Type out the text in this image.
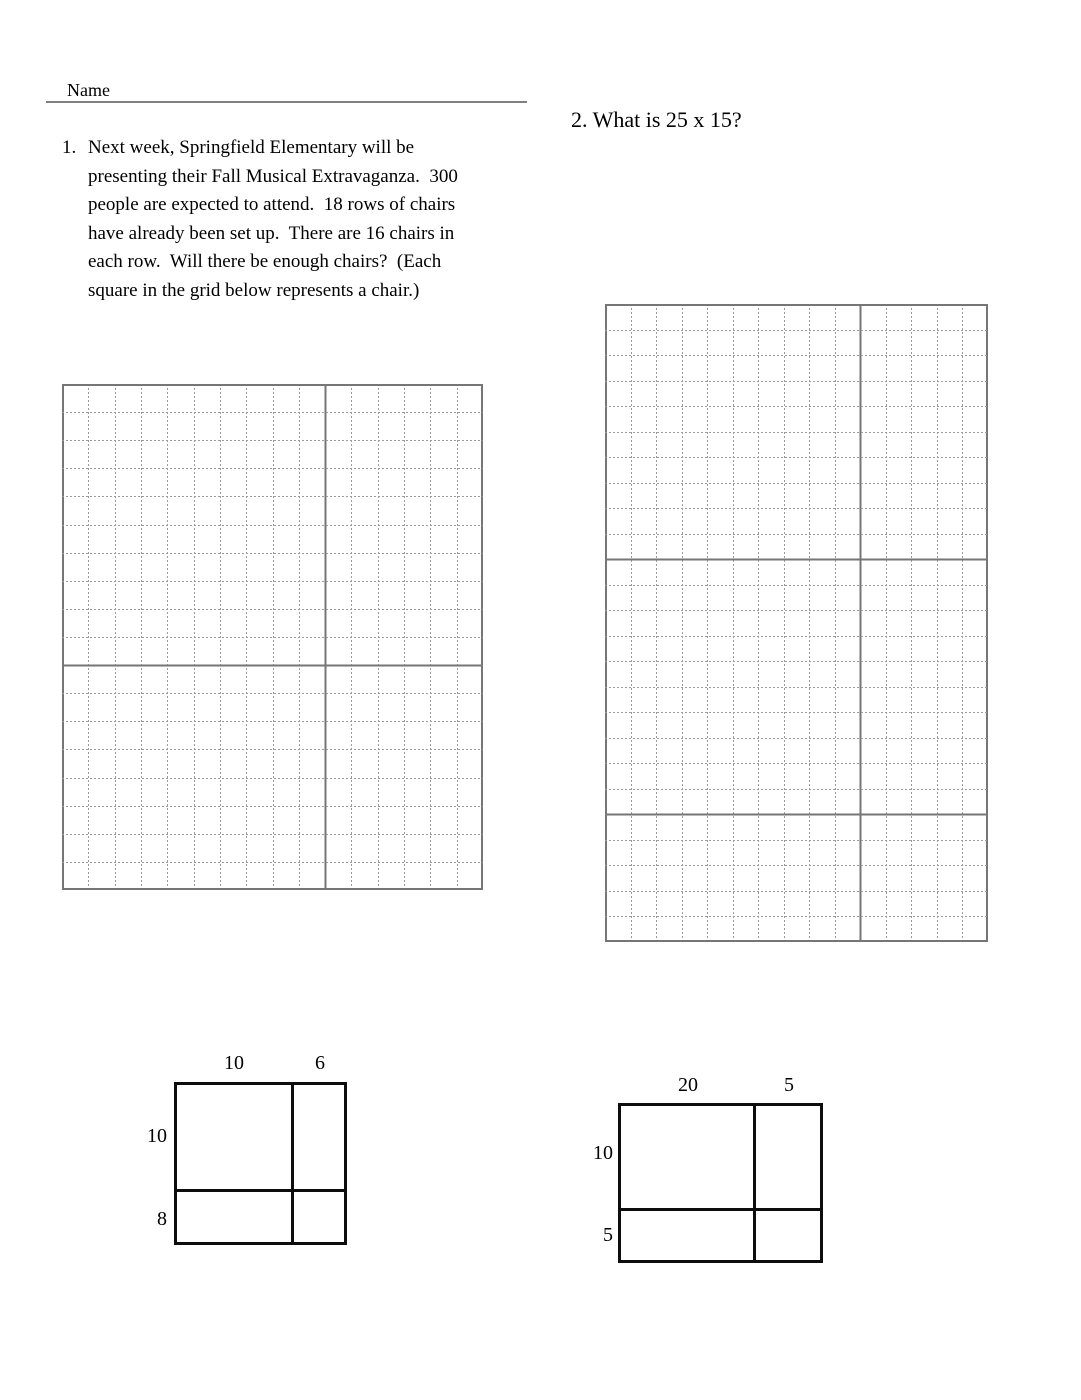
Name
1. Next week, Springfield Elementary will be
presenting their Fall Musical Extravaganza.  300
people are expected to attend.  18 rows of chairs
have already been set up.  There are 16 chairs in
each row.  Will there be enough chairs?  (Each
square in the grid below represents a chair.)
2. What is 25 x 15?
10	6
10
8
20	5
10
5
